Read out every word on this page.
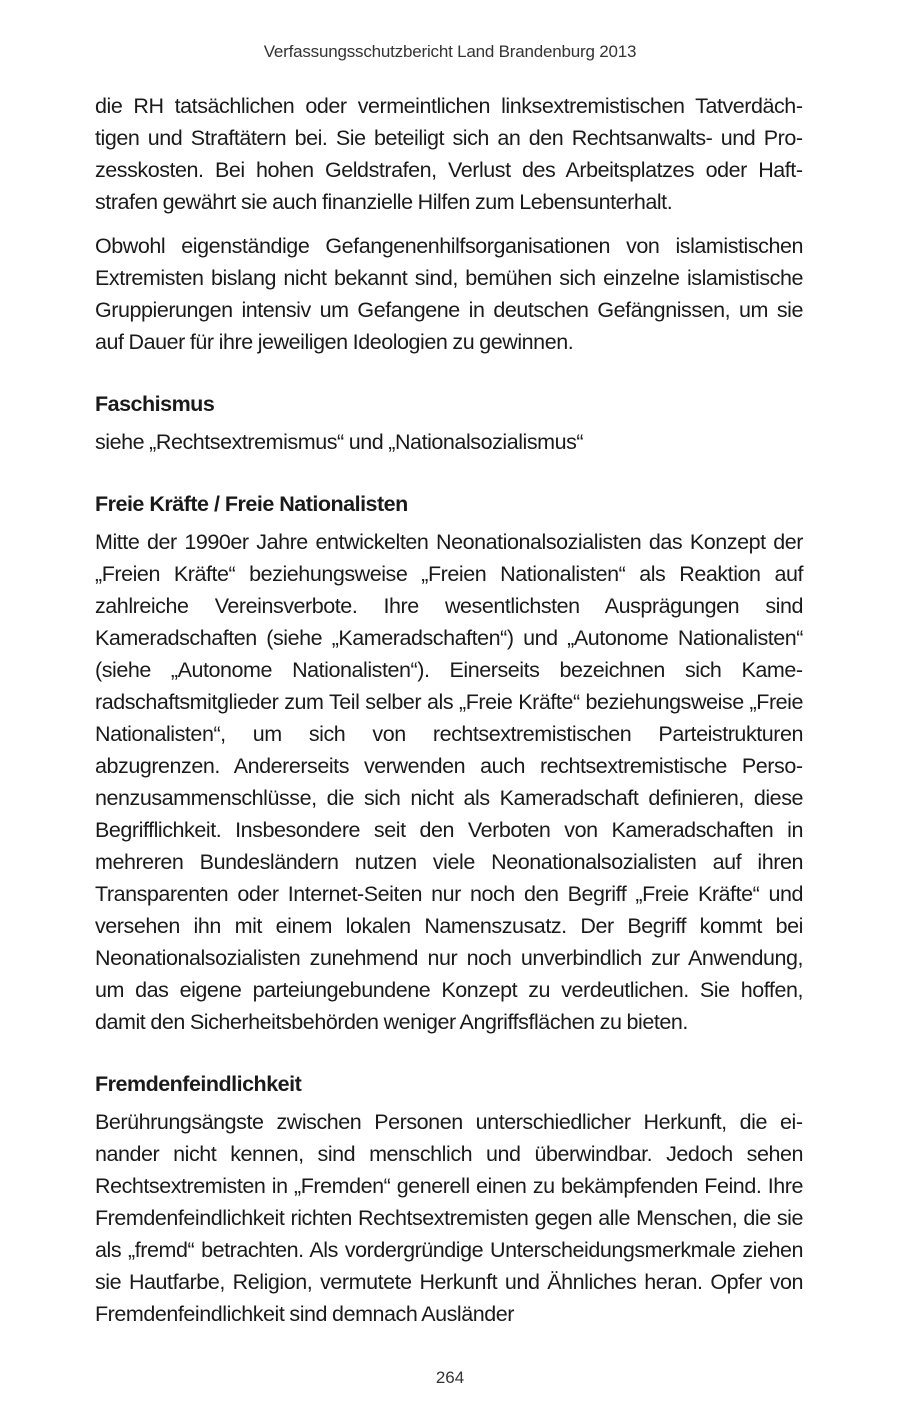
Verfassungsschutzbericht Land Brandenburg 2013

die RH tatsächlichen oder vermeintlichen linksextremistischen Tatverdächtigen und Straftätern bei. Sie beteiligt sich an den Rechtsanwalts- und Prozesskosten. Bei hohen Geldstrafen, Verlust des Arbeitsplatzes oder Haftstrafen gewährt sie auch finanzielle Hilfen zum Lebensunterhalt.

Obwohl eigenständige Gefangenenhilfsorganisationen von islamistischen Extremisten bislang nicht bekannt sind, bemühen sich einzelne islamistische Gruppierungen intensiv um Gefangene in deutschen Gefängnissen, um sie auf Dauer für ihre jeweiligen Ideologien zu gewinnen.

Faschismus

siehe „Rechtsextremismus“ und „Nationalsozialismus“

Freie Kräfte / Freie Nationalisten

Mitte der 1990er Jahre entwickelten Neonationalsozialisten das Konzept der „Freien Kräfte“ beziehungsweise „Freien Nationalisten“ als Reaktion auf zahlreiche Vereinsverbote. Ihre wesentlichsten Ausprägungen sind Kameradschaften (siehe „Kameradschaften“) und „Autonome Nationalisten“ (siehe „Autonome Nationalisten“). Einerseits bezeichnen sich Kameradschaftsmitglieder zum Teil selber als „Freie Kräfte“ beziehungsweise „Freie Nationalisten“, um sich von rechtsextremistischen Parteistrukturen abzugrenzen. Andererseits verwenden auch rechtsextremistische Personenzusammenschlüsse, die sich nicht als Kameradschaft definieren, diese Begrifflichkeit. Insbesondere seit den Verboten von Kameradschaften in mehreren Bundesländern nutzen viele Neonationalsozialisten auf ihren Transparenten oder Internet-Seiten nur noch den Begriff „Freie Kräfte“ und versehen ihn mit einem lokalen Namenszusatz. Der Begriff kommt bei Neonationalsozialisten zunehmend nur noch unverbindlich zur Anwendung, um das eigene parteiungebundene Konzept zu verdeutlichen. Sie hoffen, damit den Sicherheitsbehörden weniger Angriffsflächen zu bieten.

Fremdenfeindlichkeit

Berührungsängste zwischen Personen unterschiedlicher Herkunft, die einander nicht kennen, sind menschlich und überwindbar. Jedoch sehen Rechtsextremisten in „Fremden“ generell einen zu bekämpfenden Feind. Ihre Fremdenfeindlichkeit richten Rechtsextremisten gegen alle Menschen, die sie als „fremd“ betrachten. Als vordergründige Unterscheidungsmerkmale ziehen sie Hautfarbe, Religion, vermutete Herkunft und Ähnliches heran. Opfer von Fremdenfeindlichkeit sind demnach Ausländer

264
